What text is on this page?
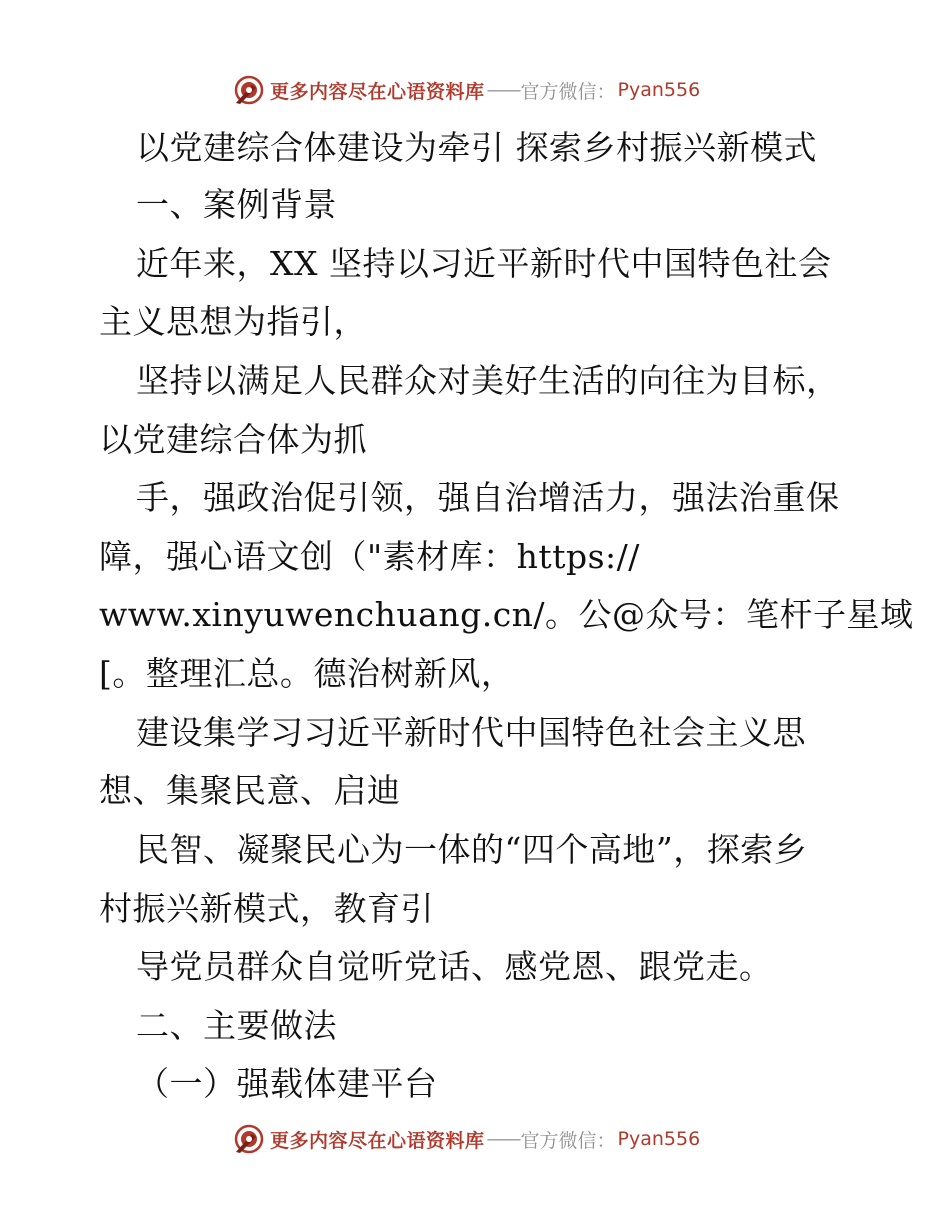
更多内容尽在心语资料库 —— 官方微信： Pyan556
以党建综合体建设为牵引 探索乡村振兴新模式
一、案例背景
近年来，XX 坚持以习近平新时代中国特色社会
主义思想为指引，
坚持以满足人民群众对美好生活的向往为目标，
以党建综合体为抓
手，强政治促引领，强自治增活力，强法治重保
障，强心语文创（"素材库：https://
www.xinyuwenchuang.cn/。公@众号：笔杆子星域
[。整理汇总。德治树新风，
建设集学习习近平新时代中国特色社会主义思
想、集聚民意、启迪
民智、凝聚民心为一体的“四个高地”，探索乡
村振兴新模式，教育引
导党员群众自觉听党话、感党恩、跟党走。
二、主要做法
（一）强载体建平台
更多内容尽在心语资料库 —— 官方微信： Pyan556
